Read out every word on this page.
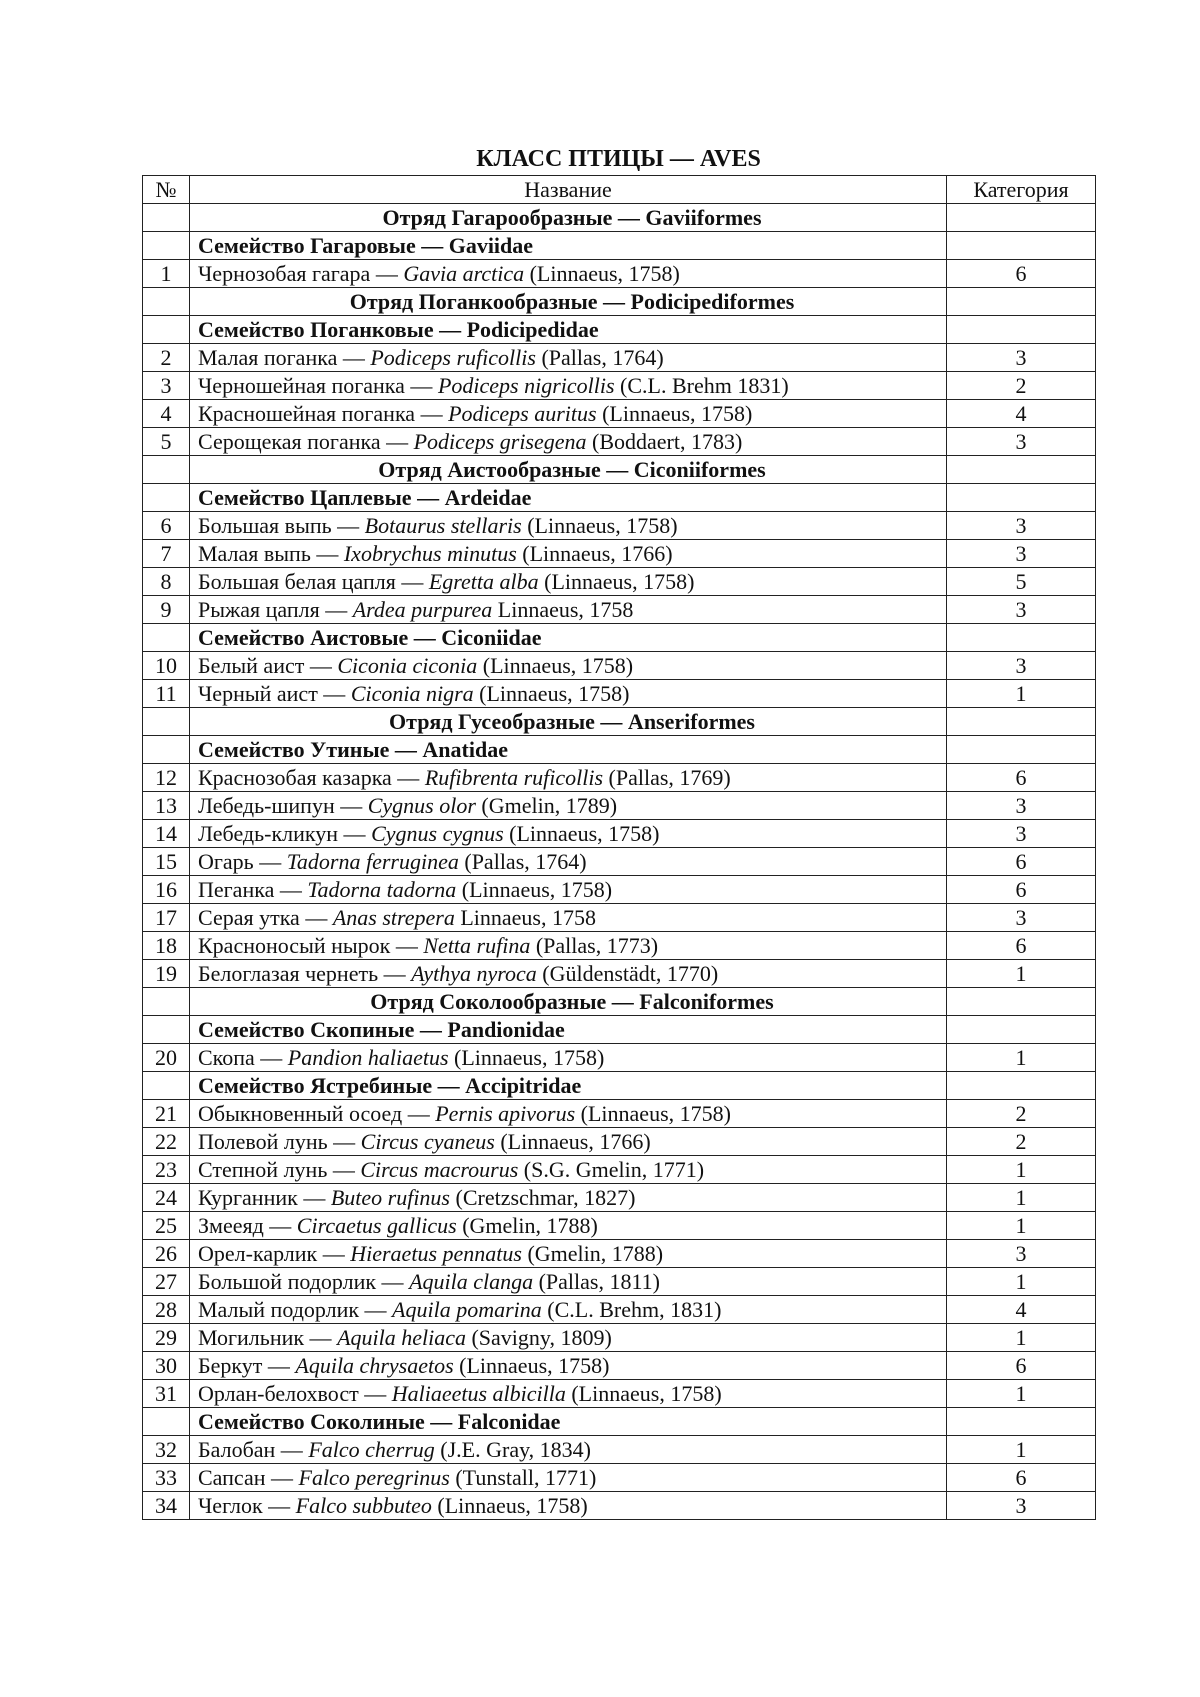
КЛАСС ПТИЦЫ — AVES
№	Название	Категория
	Отряд Гагарообразные — Gaviiformes	
	Семейство Гагаровые — Gaviidae	
1	Чернозобая гагара — Gavia arctica (Linnaeus, 1758)	6
	Отряд Поганкообразные — Podicipediformes	
	Семейство Поганковые — Podicipedidae	
2	Малая поганка — Podiceps ruficollis (Pallas, 1764)	3
3	Черношейная поганка — Podiceps nigricollis (C.L. Brehm 1831)	2
4	Красношейная поганка — Podiceps auritus (Linnaeus, 1758)	4
5	Серощекая поганка — Podiceps grisegena (Boddaert, 1783)	3
	Отряд Аистообразные — Ciconiiformes	
	Семейство Цаплевые — Ardeidae	
6	Большая выпь — Botaurus stellaris (Linnaeus, 1758)	3
7	Малая выпь — Ixobrychus minutus (Linnaeus, 1766)	3
8	Большая белая цапля — Egretta alba (Linnaeus, 1758)	5
9	Рыжая цапля — Ardea purpurea Linnaeus, 1758	3
	Семейство Аистовые — Ciconiidae	
10	Белый аист — Ciconia ciconia (Linnaeus, 1758)	3
11	Черный аист — Ciconia nigra (Linnaeus, 1758)	1
	Отряд Гусеобразные — Anseriformes	
	Семейство Утиные — Anatidae	
12	Краснозобая казарка — Rufibrenta ruficollis (Pallas, 1769)	6
13	Лебедь-шипун — Cygnus olor (Gmelin, 1789)	3
14	Лебедь-кликун — Cygnus cygnus (Linnaeus, 1758)	3
15	Огарь — Tadorna ferruginea (Pallas, 1764)	6
16	Пеганка — Tadorna tadorna (Linnaeus, 1758)	6
17	Серая утка — Anas strepera Linnaeus, 1758	3
18	Красноносый нырок — Netta rufina (Pallas, 1773)	6
19	Белоглазая чернеть — Aythya nyroca (Güldenstädt, 1770)	1
	Отряд Соколообразные — Falconiformes	
	Семейство Скопиные — Pandionidae	
20	Скопа — Pandion haliaetus (Linnaeus, 1758)	1
	Семейство Ястребиные — Accipitridae	
21	Обыкновенный осоед — Pernis apivorus (Linnaeus, 1758)	2
22	Полевой лунь — Circus cyaneus (Linnaeus, 1766)	2
23	Степной лунь — Circus macrourus (S.G. Gmelin, 1771)	1
24	Курганник — Buteo rufinus (Cretzschmar, 1827)	1
25	Змееяд — Circaetus gallicus (Gmelin, 1788)	1
26	Орел-карлик — Hieraetus pennatus (Gmelin, 1788)	3
27	Большой подорлик — Aquila clanga (Pallas, 1811)	1
28	Малый подорлик — Aquila pomarina (C.L. Brehm, 1831)	4
29	Могильник — Aquila heliaca (Savigny, 1809)	1
30	Беркут — Aquila chrysaetos (Linnaeus, 1758)	6
31	Орлан-белохвост — Haliaeetus albicilla (Linnaeus, 1758)	1
	Семейство Соколиные — Falconidae	
32	Балобан — Falco cherrug (J.E. Gray, 1834)	1
33	Сапсан — Falco peregrinus (Tunstall, 1771)	6
34	Чеглок — Falco subbuteo (Linnaeus, 1758)	3
